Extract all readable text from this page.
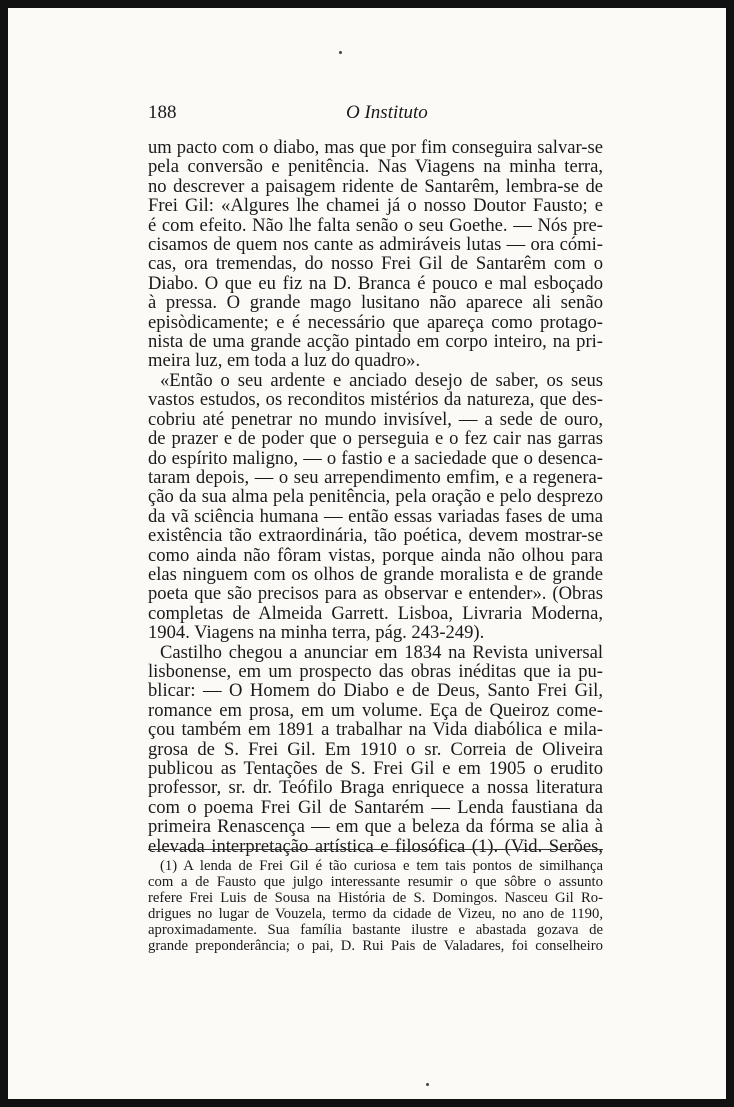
188	O Instituto
um pacto com o diabo, mas que por fim conseguira salvar-se
pela conversão e penitência. Nas Viagens na minha terra,
no descrever a paisagem ridente de Santarêm, lembra-se de
Frei Gil: «Algures lhe chamei já o nosso Doutor Fausto; e
é com efeito. Não lhe falta senão o seu Goethe. — Nós pre-
cisamos de quem nos cante as admiráveis lutas — ora cómi-
cas, ora tremendas, do nosso Frei Gil de Santarêm com o
Diabo. O que eu fiz na D. Branca é pouco e mal esboçado
à pressa. O grande mago lusitano não aparece ali senão
episòdicamente; e é necessário que apareça como protago-
nista de uma grande acção pintado em corpo inteiro, na pri-
meira luz, em toda a luz do quadro».
«Então o seu ardente e anciado desejo de saber, os seus
vastos estudos, os reconditos mistérios da natureza, que des-
cobriu até penetrar no mundo invisível, — a sede de ouro,
de prazer e de poder que o perseguia e o fez cair nas garras
do espírito maligno, — o fastio e a saciedade que o desenca-
taram depois, — o seu arrependimento emfim, e a regenera-
ção da sua alma pela penitência, pela oração e pelo desprezo
da vã sciência humana — então essas variadas fases de uma
existência tão extraordinária, tão poética, devem mostrar-se
como ainda não fôram vistas, porque ainda não olhou para
elas ninguem com os olhos de grande moralista e de grande
poeta que são precisos para as observar e entender». (Obras
completas de Almeida Garrett. Lisboa, Livraria Moderna,
1904. Viagens na minha terra, pág. 243-249).
Castilho chegou a anunciar em 1834 na Revista universal
lisbonense, em um prospecto das obras inéditas que ia pu-
blicar: — O Homem do Diabo e de Deus, Santo Frei Gil,
romance em prosa, em um volume. Eça de Queiroz come-
çou também em 1891 a trabalhar na Vida diabólica e mila-
grosa de S. Frei Gil. Em 1910 o sr. Correia de Oliveira
publicou as Tentações de S. Frei Gil e em 1905 o erudito
professor, sr. dr. Teófilo Braga enriquece a nossa literatura
com o poema Frei Gil de Santarém — Lenda faustiana da
primeira Renascença — em que a beleza da fórma se alia à
elevada interpretação artística e filosófica (1). (Vid. Serões,
(1) A lenda de Frei Gil é tão curiosa e tem tais pontos de similhança
com a de Fausto que julgo interessante resumir o que sôbre o assunto
refere Frei Luis de Sousa na História de S. Domingos. Nasceu Gil Ro-
drigues no lugar de Vouzela, termo da cidade de Vizeu, no ano de 1190,
aproximadamente. Sua família bastante ilustre e abastada gozava de
grande preponderância; o pai, D. Rui Pais de Valadares, foi conselheiro
